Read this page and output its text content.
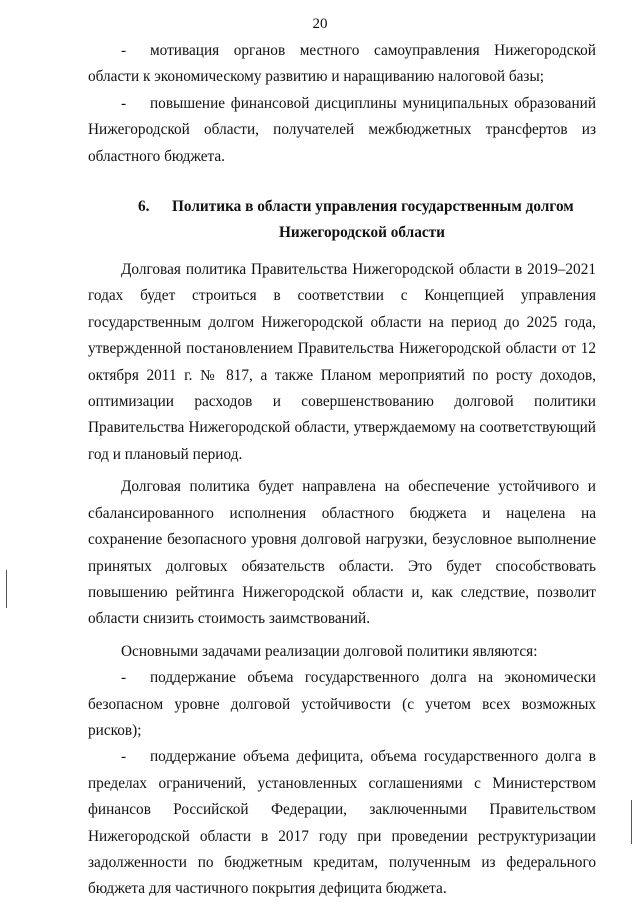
20

- мотивация органов местного самоуправления Нижегородской области к экономическому развитию и наращиванию налоговой базы;

- повышение финансовой дисциплины муниципальных образований Нижегородской области, получателей межбюджетных трансфертов из областного бюджета.

6. Политика в области управления государственным долгом
Нижегородской области

Долговая политика Правительства Нижегородской области в 2019–2021 годах будет строиться в соответствии с Концепцией управления государственным долгом Нижегородской области на период до 2025 года, утвержденной постановлением Правительства Нижегородской области от 12 октября 2011 г. № 817, а также Планом мероприятий по росту доходов, оптимизации расходов и совершенствованию долговой политики Правительства Нижегородской области, утверждаемому на соответствующий год и плановый период.

Долговая политика будет направлена на обеспечение устойчивого и сбалансированного исполнения областного бюджета и нацелена на сохранение безопасного уровня долговой нагрузки, безусловное выполнение принятых долговых обязательств области. Это будет способствовать повышению рейтинга Нижегородской области и, как следствие, позволит области снизить стоимость заимствований.

Основными задачами реализации долговой политики являются:

- поддержание объема государственного долга на экономически безопасном уровне долговой устойчивости (с учетом всех возможных рисков);

- поддержание объема дефицита, объема государственного долга в пределах ограничений, установленных соглашениями с Министерством финансов Российской Федерации, заключенными Правительством Нижегородской области в 2017 году при проведении реструктуризации задолженности по бюджетным кредитам, полученным из федерального бюджета для частичного покрытия дефицита бюджета.
